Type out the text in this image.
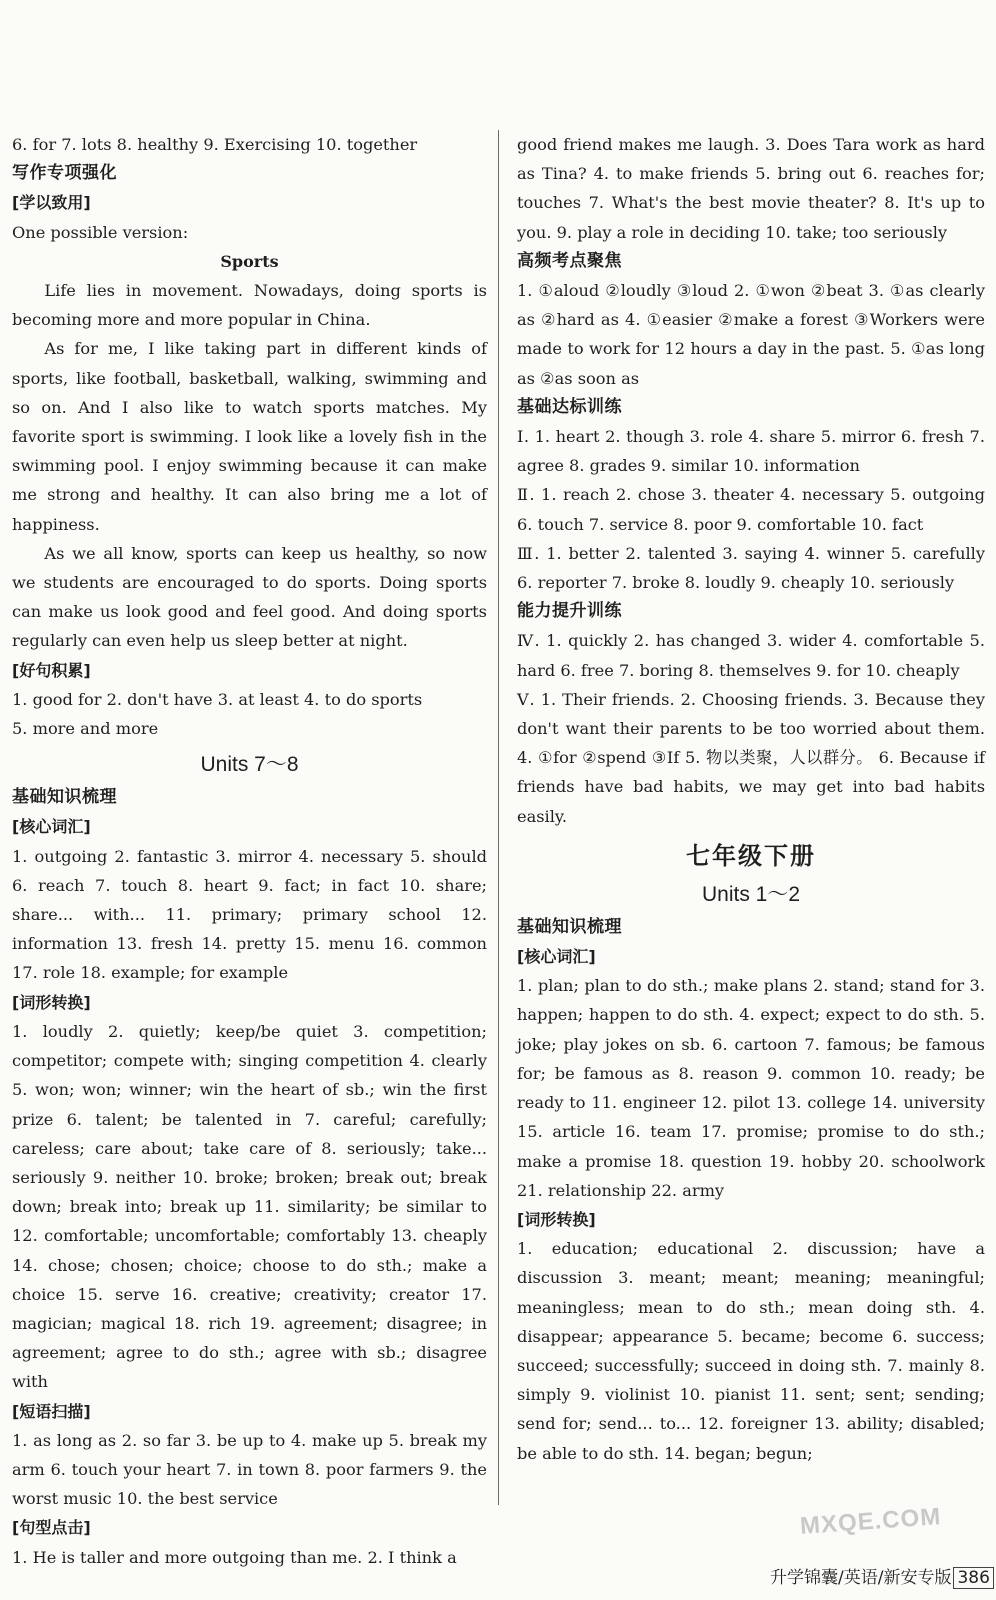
6. for 7. lots 8. healthy 9. Exercising 10. together

写作专项强化

[学以致用]

One possible version:

Sports

Life lies in movement. Nowadays, doing sports is becoming more and more popular in China.

As for me, I like taking part in different kinds of sports, like football, basketball, walking, swimming and so on. And I also like to watch sports matches. My favorite sport is swimming. I look like a lovely fish in the swimming pool. I enjoy swimming because it can make me strong and healthy. It can also bring me a lot of happiness.

As we all know, sports can keep us healthy, so now we students are encouraged to do sports. Doing sports can make us look good and feel good. And doing sports regularly can even help us sleep better at night.

[好句积累]

1. good for 2. don't have 3. at least 4. to do sports

5. more and more

Units 7～8

基础知识梳理

[核心词汇]

1. outgoing 2. fantastic 3. mirror 4. necessary 5. should 6. reach 7. touch 8. heart 9. fact; in fact 10. share; share... with... 11. primary; primary school 12. information 13. fresh 14. pretty 15. menu 16. common 17. role 18. example; for example

[词形转换]

1. loudly 2. quietly; keep/be quiet 3. competition; competitor; compete with; singing competition 4. clearly 5. won; won; winner; win the heart of sb.; win the first prize 6. talent; be talented in 7. careful; carefully; careless; care about; take care of 8. seriously; take... seriously 9. neither 10. broke; broken; break out; break down; break into; break up 11. similarity; be similar to 12. comfortable; uncomfortable; comfortably 13. cheaply 14. chose; chosen; choice; choose to do sth.; make a choice 15. serve 16. creative; creativity; creator 17. magician; magical 18. rich 19. agreement; disagree; in agreement; agree to do sth.; agree with sb.; disagree with

[短语扫描]

1. as long as 2. so far 3. be up to 4. make up 5. break my arm 6. touch your heart 7. in town 8. poor farmers 9. the worst music 10. the best service

[句型点击]

1. He is taller and more outgoing than me. 2. I think a

good friend makes me laugh. 3. Does Tara work as hard as Tina? 4. to make friends 5. bring out 6. reaches for; touches 7. What's the best movie theater? 8. It's up to you. 9. play a role in deciding 10. take; too seriously

高频考点聚焦

1. ①aloud ②loudly ③loud 2. ①won ②beat 3. ①as clearly as ②hard as 4. ①easier ②make a forest ③Workers were made to work for 12 hours a day in the past. 5. ①as long as ②as soon as

基础达标训练

Ⅰ. 1. heart 2. though 3. role 4. share 5. mirror 6. fresh 7. agree 8. grades 9. similar 10. information

Ⅱ. 1. reach 2. chose 3. theater 4. necessary 5. outgoing 6. touch 7. service 8. poor 9. comfortable 10. fact

Ⅲ. 1. better 2. talented 3. saying 4. winner 5. carefully 6. reporter 7. broke 8. loudly 9. cheaply 10. seriously

能力提升训练

Ⅳ. 1. quickly 2. has changed 3. wider 4. comfortable 5. hard 6. free 7. boring 8. themselves 9. for 10. cheaply

Ⅴ. 1. Their friends. 2. Choosing friends. 3. Because they don't want their parents to be too worried about them. 4. ①for ②spend ③If 5. 物以类聚，人以群分。 6. Because if friends have bad habits, we may get into bad habits easily.

七年级下册

Units 1～2

基础知识梳理

[核心词汇]

1. plan; plan to do sth.; make plans 2. stand; stand for 3. happen; happen to do sth. 4. expect; expect to do sth. 5. joke; play jokes on sb. 6. cartoon 7. famous; be famous for; be famous as 8. reason 9. common 10. ready; be ready to 11. engineer 12. pilot 13. college 14. university 15. article 16. team 17. promise; promise to do sth.; make a promise 18. question 19. hobby 20. schoolwork 21. relationship 22. army

[词形转换]

1. education; educational 2. discussion; have a discussion 3. meant; meant; meaning; meaningful; meaningless; mean to do sth.; mean doing sth. 4. disappear; appearance 5. became; become 6. success; succeed; successfully; succeed in doing sth. 7. mainly 8. simply 9. violinist 10. pianist 11. sent; sent; sending; send for; send... to... 12. foreigner 13. ability; disabled; be able to do sth. 14. began; begun;

MXQE.COM
升学锦囊/英语/新安专版 386
